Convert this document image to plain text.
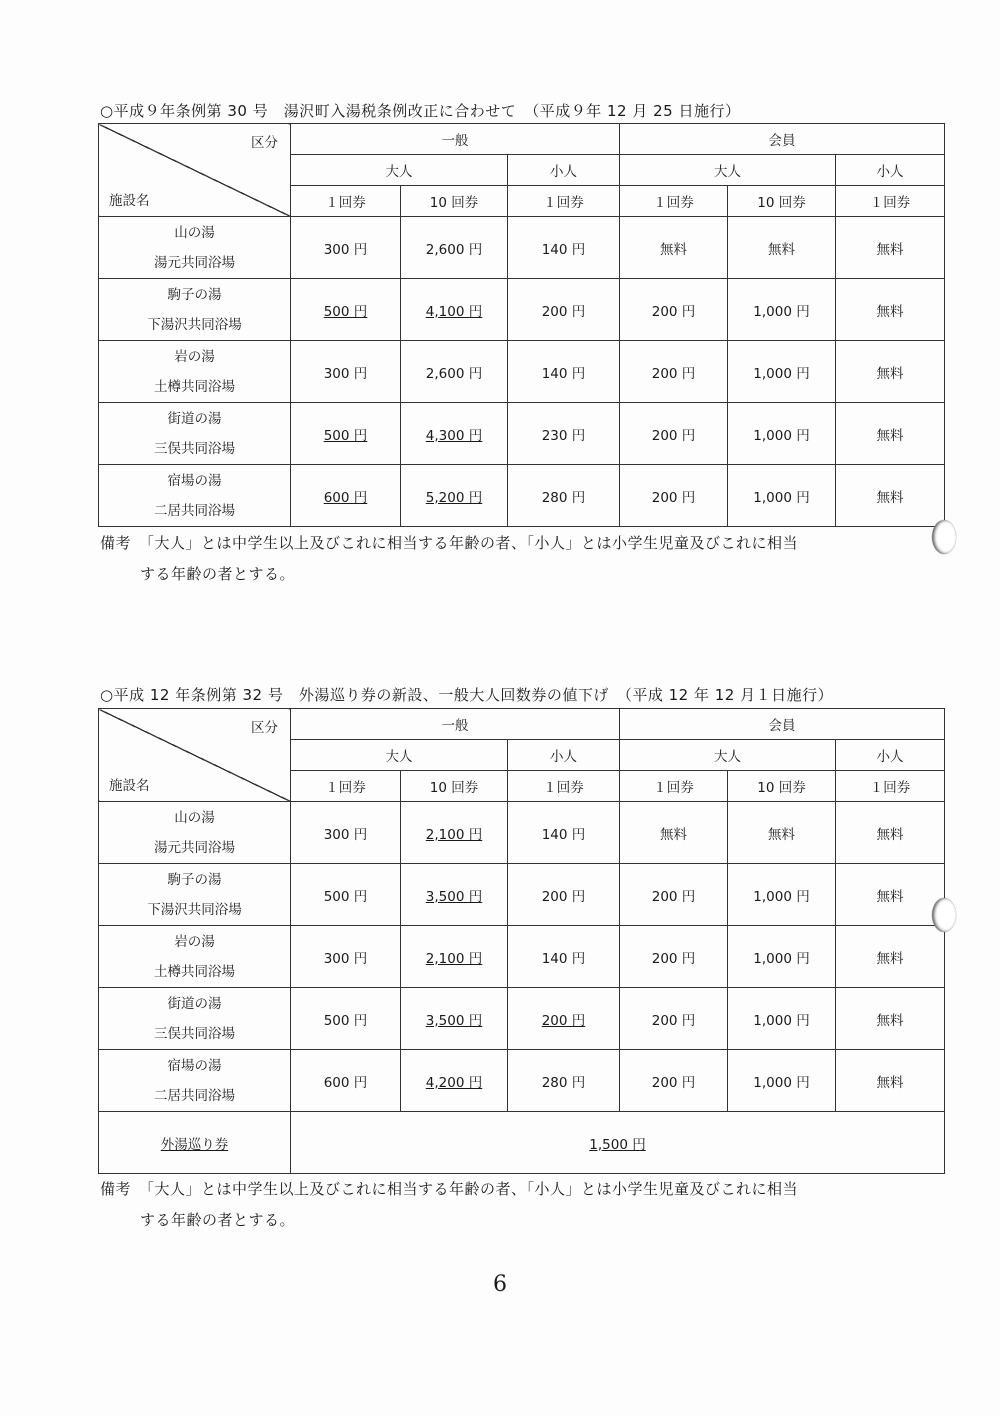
○平成９年条例第 30 号　湯沢町入湯税条例改正に合わせて　（平成９年 12 月 25 日施行）
区分
施設名	一般			会員		
	大人		小人	大人		小人
	１回券	10 回券	１回券	１回券	10 回券	１回券

山の湯
湯元共同浴場	300 円	2,600 円	140 円	無料	無料	無料

駒子の湯
下湯沢共同浴場	500 円	4,100 円	200 円	200 円	1,000 円	無料

岩の湯
土樽共同浴場	300 円	2,600 円	140 円	200 円	1,000 円	無料

街道の湯
三俣共同浴場	500 円	4,300 円	230 円	200 円	1,000 円	無料

宿場の湯
二居共同浴場	600 円	5,200 円	280 円	200 円	1,000 円	無料
備考　「大人」とは中学生以上及びこれに相当する年齢の者、「小人」とは小学生児童及びこれに相当
する年齢の者とする。
○平成 12 年条例第 32 号　外湯巡り券の新設、一般大人回数券の値下げ　（平成 12 年 12 月１日施行）
区分
施設名	一般			会員		
	大人		小人	大人		小人
	１回券	10 回券	１回券	１回券	10 回券	１回券

山の湯
湯元共同浴場	300 円	2,100 円	140 円	無料	無料	無料

駒子の湯
下湯沢共同浴場	500 円	3,500 円	200 円	200 円	1,000 円	無料

岩の湯
土樽共同浴場	300 円	2,100 円	140 円	200 円	1,000 円	無料

街道の湯
三俣共同浴場	500 円	3,500 円	200 円	200 円	1,000 円	無料

宿場の湯
二居共同浴場	600 円	4,200 円	280 円	200 円	1,000 円	無料
外湯巡り券	1,500 円					
備考　「大人」とは中学生以上及びこれに相当する年齢の者、「小人」とは小学生児童及びこれに相当
する年齢の者とする。
6
